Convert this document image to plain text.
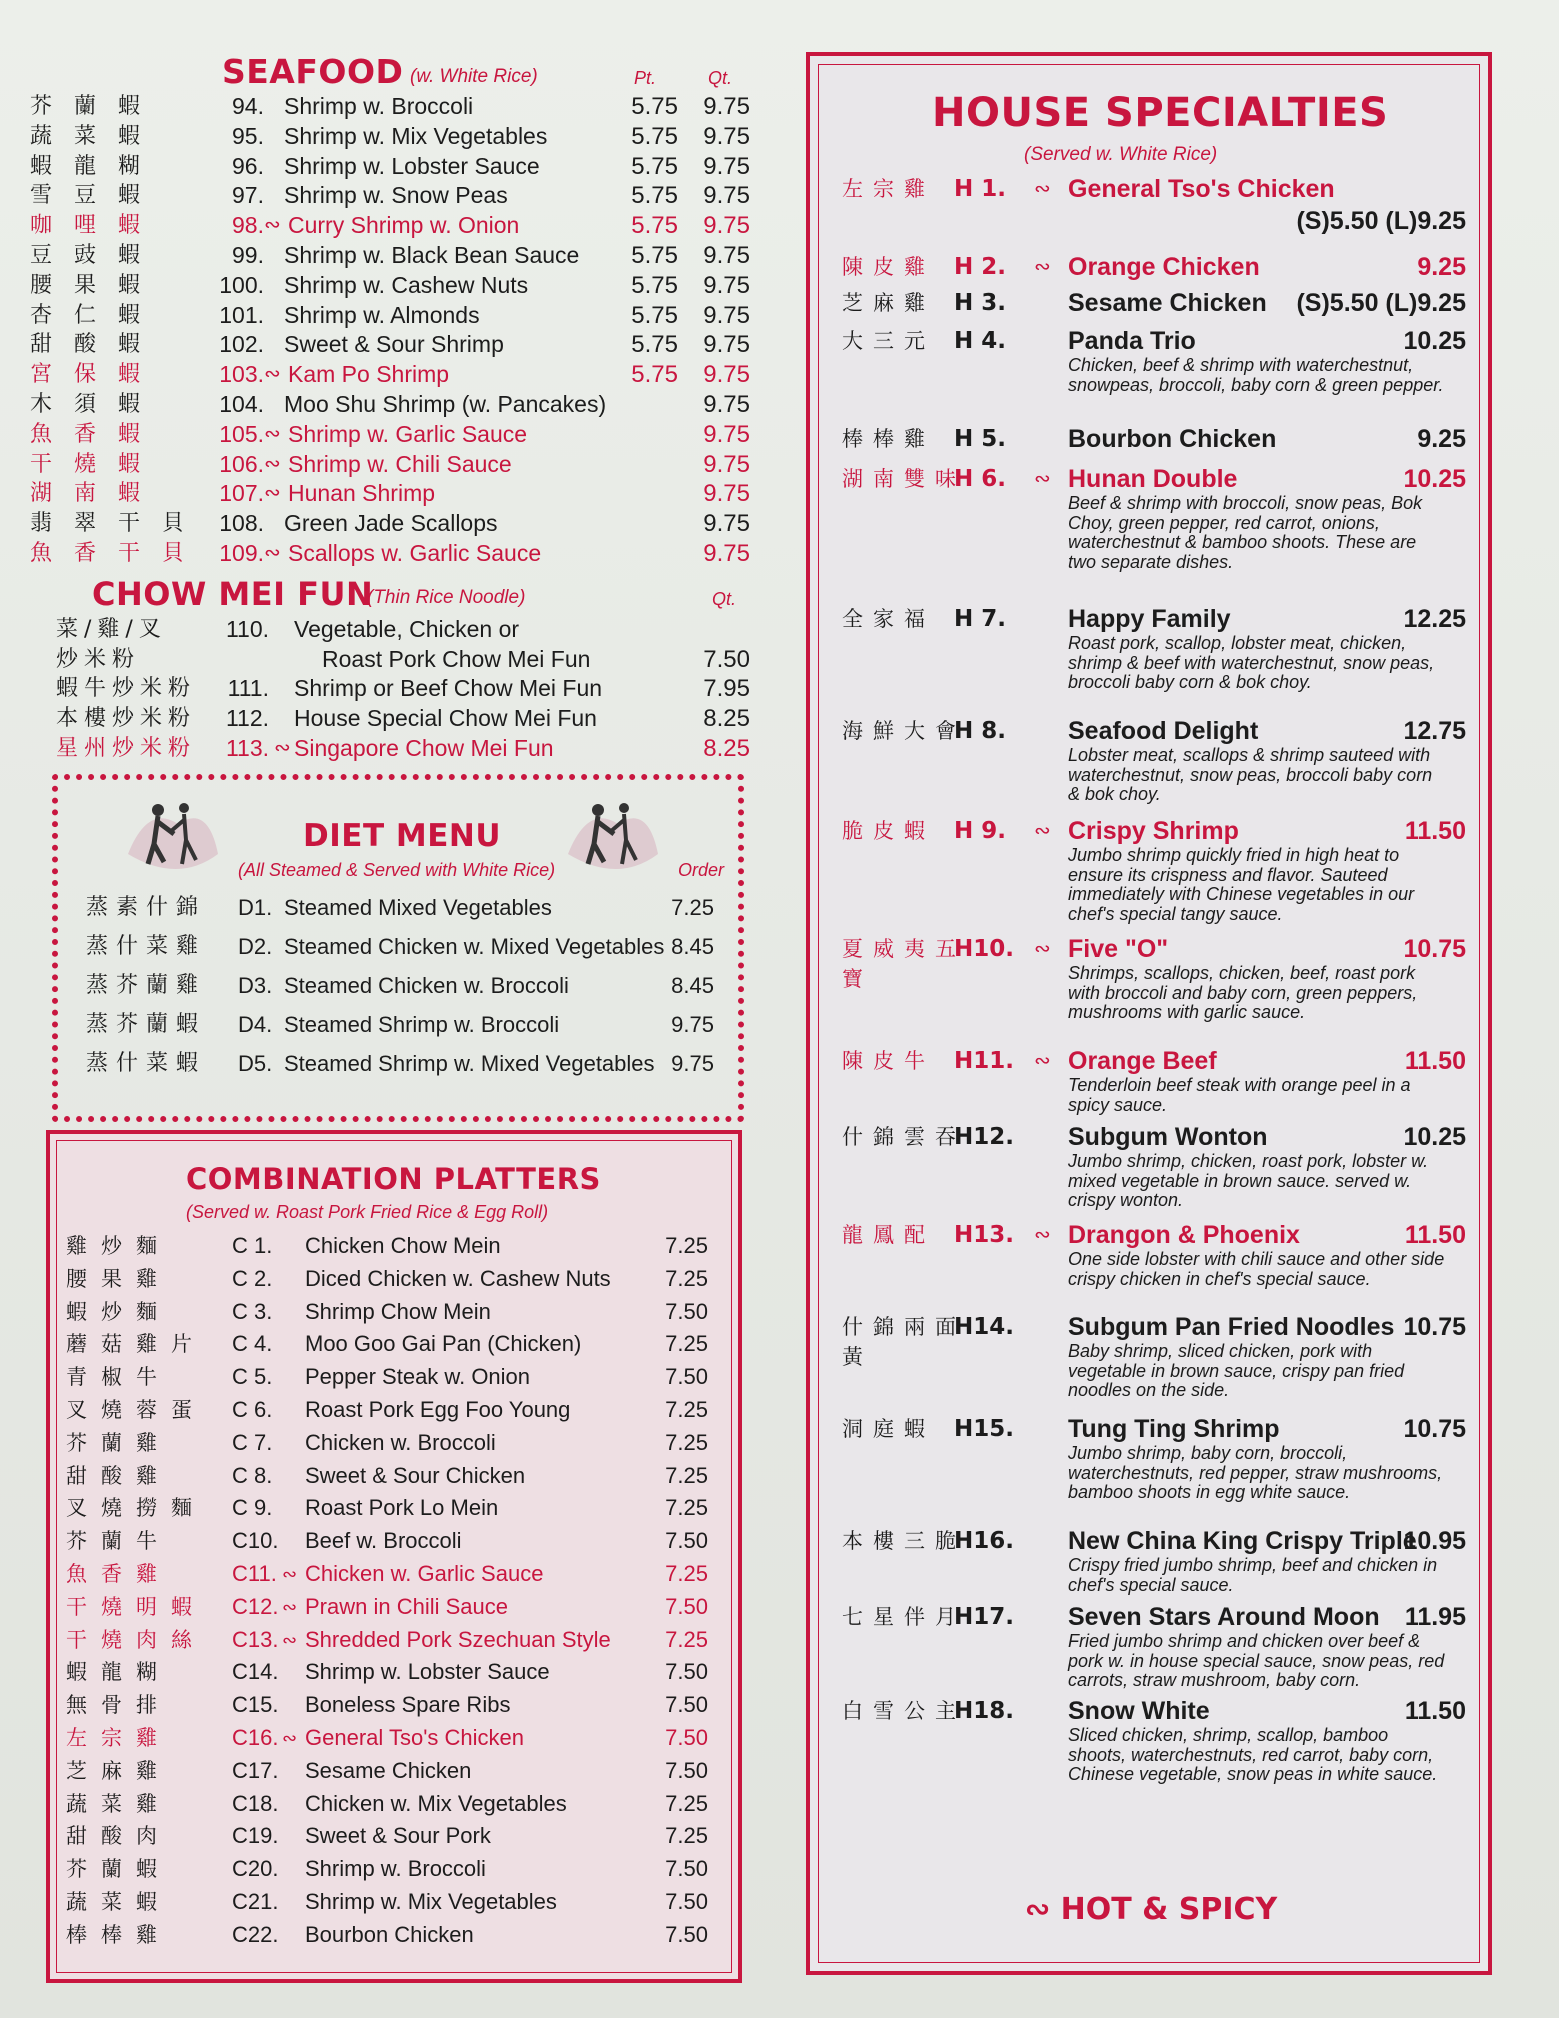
SEAFOOD (w. White Rice)	Pt.	Qt.
芥蘭蝦	94. Shrimp w. Broccoli	5.75	9.75
蔬菜蝦	95. Shrimp w. Mix Vegetables	5.75	9.75
蝦龍糊	96. Shrimp w. Lobster Sauce	5.75	9.75
雪豆蝦	97. Shrimp w. Snow Peas	5.75	9.75
咖哩蝦	98. ∾ Curry Shrimp w. Onion	5.75	9.75
豆豉蝦	99. Shrimp w. Black Bean Sauce	5.75	9.75
腰果蝦	100. Shrimp w. Cashew Nuts	5.75	9.75
杏仁蝦	101. Shrimp w. Almonds	5.75	9.75
甜酸蝦	102. Sweet & Sour Shrimp	5.75	9.75
宮保蝦	103. ∾ Kam Po Shrimp	5.75	9.75
木須蝦	104. Moo Shu Shrimp (w. Pancakes)	9.75
魚香蝦	105. ∾ Shrimp w. Garlic Sauce	9.75
干燒蝦	106. ∾ Shrimp w. Chili Sauce	9.75
湖南蝦	107. ∾ Hunan Shrimp	9.75
翡翠干貝 108. Green Jade Scallops	9.75
魚香干貝 109. ∾ Scallops w. Garlic Sauce	9.75
CHOW MEI FUN
(Thin Rice Noodle)	Qt.
菜/雞/叉	110. Vegetable, Chicken or
炒米粉	Roast Pork Chow Mei Fun	7.50
蝦牛炒米粉	111. Shrimp or Beef Chow Mei Fun	7.95
本樓炒米粉	112. House Special Chow Mei Fun	8.25
星州炒米粉	113. ∾ Singapore Chow Mei Fun	8.25
DIET MENU
(All Steamed & Served with White Rice)	Order
蒸素什錦	D1. Steamed Mixed Vegetables	7.25
蒸什菜雞	D2. Steamed Chicken w. Mixed Vegetables 8.45
蒸芥蘭雞	D3. Steamed Chicken w. Broccoli	8.45
蒸芥蘭蝦	D4. Steamed Shrimp w. Broccoli	9.75
蒸什菜蝦	D5. Steamed Shrimp w. Mixed Vegetables 9.75
COMBINATION PLATTERS
(Served w. Roast Pork Fried Rice & Egg Roll)
雞炒麵	C 1. Chicken Chow Mein	7.25
腰果雞	C 2. Diced Chicken w. Cashew Nuts	7.25
蝦炒麵	C 3. Shrimp Chow Mein	7.50
蘑菇雞片	C 4. Moo Goo Gai Pan (Chicken)	7.25
青椒牛	C 5. Pepper Steak w. Onion	7.50
叉燒蓉蛋	C 6. Roast Pork Egg Foo Young	7.25
芥蘭雞	C 7. Chicken w. Broccoli	7.25
甜酸雞	C 8. Sweet & Sour Chicken	7.25
叉燒撈麵	C 9. Roast Pork Lo Mein	7.25
芥蘭牛	C10. Beef w. Broccoli	7.50
魚香雞	C11. ∾ Chicken w. Garlic Sauce	7.25
干燒明蝦	C12. ∾ Prawn in Chili Sauce	7.50
干燒肉絲	C13. ∾ Shredded Pork Szechuan Style	7.25
蝦龍糊	C14. Shrimp w. Lobster Sauce	7.50
無骨排	C15. Boneless Spare Ribs	7.50
左宗雞	C16. ∾ General Tso's Chicken	7.50
芝麻雞	C17. Sesame Chicken	7.50
蔬菜雞	C18. Chicken w. Mix Vegetables	7.25
甜酸肉	C19. Sweet & Sour Pork	7.25
芥蘭蝦	C20. Shrimp w. Broccoli	7.50
蔬菜蝦	C21. Shrimp w. Mix Vegetables	7.50
棒棒雞	C22. Bourbon Chicken	7.50
HOUSE SPECIALTIES
(Served w. White Rice)
左宗雞 H 1. ∾ General Tso's Chicken
(S)5.50 (L)9.25
陳皮雞 H 2. ∾ Orange Chicken	9.25
芝麻雞 H 3. Sesame Chicken (S)5.50 (L)9.25
大三元 H 4. Panda Trio	10.25
Chicken, beef & shrimp with waterchestnut, snowpeas, broccoli, baby corn & green pepper.
棒棒雞 H 5. Bourbon Chicken	9.25
湖南雙味
H 6. ∾ Hunan Double	10.25
Beef & shrimp with broccoli, snow peas, Bok Choy, green pepper, red carrot, onions, waterchestnut & bamboo shoots. These are two separate dishes.
全家福 H 7. Happy Family	12.25
Roast pork, scallop, lobster meat, chicken, shrimp & beef with waterchestnut, snow peas, broccoli baby corn & bok choy.
海鮮大會
H 8. Seafood Delight	12.75
Lobster meat, scallops & shrimp sauteed with waterchestnut, snow peas, broccoli baby corn & bok choy.
脆皮蝦 H 9. ∾ Crispy Shrimp	11.50
Jumbo shrimp quickly fried in high heat to ensure its crispness and flavor. Sauteed immediately with Chinese vegetables in our chef's special tangy sauce.
夏威夷五寶
H10. ∾ Five "O"	10.75
Shrimps, scallops, chicken, beef, roast pork with broccoli and baby corn, green peppers, mushrooms with garlic sauce.
陳皮牛 H11. ∾ Orange Beef	11.50
Tenderloin beef steak with orange peel in a spicy sauce.
什錦雲吞
H12. Subgum Wonton	10.25
Jumbo shrimp, chicken, roast pork, lobster w. mixed vegetable in brown sauce. served w. crispy wonton.
龍鳳配 H13. ∾ Drangon & Phoenix	11.50
One side lobster with chili sauce and other side crispy chicken in chef's special sauce.
什錦兩面黃
H14. Subgum Pan Fried Noodles 10.75
Baby shrimp, sliced chicken, pork with vegetable in brown sauce, crispy pan fried noodles on the side.
洞庭蝦 H15. Tung Ting Shrimp	10.75
Jumbo shrimp, baby corn, broccoli, waterchestnuts, red pepper, straw mushrooms, bamboo shoots in egg white sauce.
本樓三脆
H16. New China King Crispy Triple
10.95
Crispy fried jumbo shrimp, beef and chicken in chef's special sauce.
七星伴月
H17. Seven Stars Around Moon 11.95
Fried jumbo shrimp and chicken over beef & pork w. in house special sauce, snow peas, red carrots, straw mushroom, baby corn.
白雪公主
H18. Snow White	11.50
Sliced chicken, shrimp, scallop, bamboo shoots, waterchestnuts, red carrot, baby corn, Chinese vegetable, snow peas in white sauce.
∾ HOT & SPICY
